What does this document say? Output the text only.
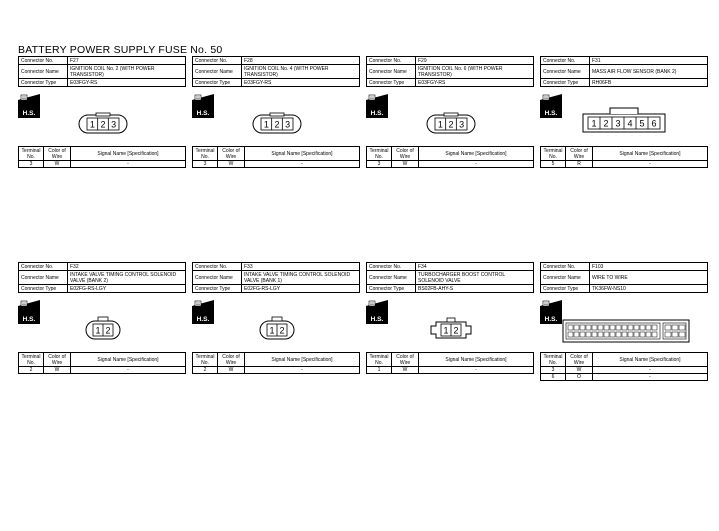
BATTERY POWER SUPPLY FUSE No. 50
Connector No.	F27
Connector Name	IGNITION COIL No. 2 (WITH POWER TRANSISTOR)
Connector Type	E03FGY-RS
H.S.
1 2 3
Terminal No.	Color of Wire	Signal Name [Specification]
3	W	-
Connector No.	F28
Connector Name	IGNITION COIL No. 4 (WITH POWER TRANSISTOR)
Connector Type	E03FGY-RS
H.S.
1 2 3
Terminal No.	Color of Wire	Signal Name [Specification]
3	W	-
Connector No.	F29
Connector Name	IGNITION COIL No. 6 (WITH POWER TRANSISTOR)
Connector Type	E03FGY-RS
H.S.
1 2 3
Terminal No.	Color of Wire	Signal Name [Specification]
3	W	-
Connector No.	F31
Connector Name	MASS AIR FLOW SENSOR (BANK 2)
Connector Type	RH06FB
H.S.
1 2 3 4 5 6
Terminal No.	Color of Wire	Signal Name [Specification]
5	R	-
Connector No.	F32
Connector Name	INTAKE VALVE TIMING CONTROL SOLENOID VALVE (BANK 2)
Connector Type	E02FG-RS-LGY
H.S.
1 2
Terminal No.	Color of Wire	Signal Name [Specification]
2	W	-
Connector No.	F33
Connector Name	INTAKE VALVE TIMING CONTROL SOLENOID VALVE (BANK 1)
Connector Type	E02FG-RS-LGY
H.S.
1 2
Terminal No.	Color of Wire	Signal Name [Specification]
2	W	-
Connector No.	F34
Connector Name	TURBOCHARGER BOOST CONTROL SOLENOID VALVE
Connector Type	BS02FB-AHY-S
H.S.
1 2
Terminal No.	Color of Wire	Signal Name [Specification]
1	W	-
Connector No.	F103
Connector Name	WIRE TO WIRE
Connector Type	TK36FW-NS10
H.S.
Terminal No.	Color of Wire	Signal Name [Specification]
3	W	-
6	O	-
